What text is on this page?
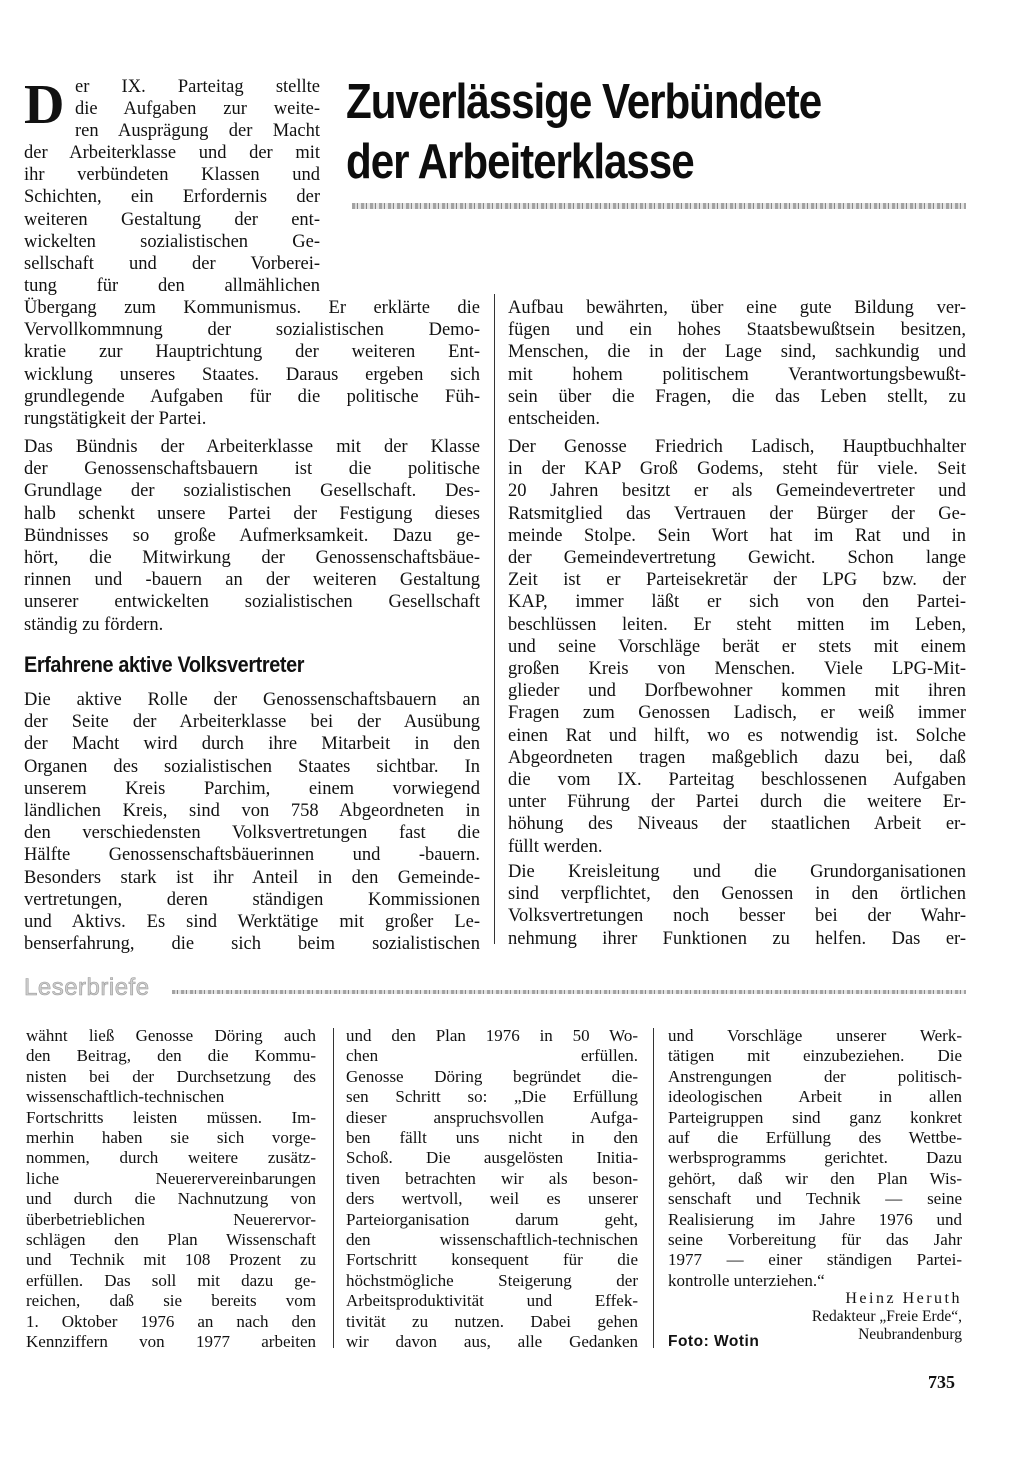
Zuverlässige Verbündete
der Arbeiterklasse
D er IX. Parteitag stellte
die Aufgaben zur weite-
ren Ausprägung der Macht

der Arbeiterklasse und der mit
ihr verbündeten Klassen und
Schichten, ein Erfordernis der
weiteren Gestaltung der ent-
wickelten sozialistischen Ge-
sellschaft und der Vorberei-
tung für den allmählichen

Übergang zum Kommunismus. Er erklärte die
Vervollkommnung der sozialistischen Demo-
kratie zur Hauptrichtung der weiteren Ent-
wicklung unseres Staates. Daraus ergeben sich
grundlegende Aufgaben für die politische Füh-
rungstätigkeit der Partei.

Das Bündnis der Arbeiterklasse mit der Klasse
der Genossenschaftsbauern ist die politische
Grundlage der sozialistischen Gesellschaft. Des-
halb schenkt unsere Partei der Festigung dieses
Bündnisses so große Aufmerksamkeit. Dazu ge-
hört, die Mitwirkung der Genossenschaftsbäue-
rinnen und -bauern an der weiteren Gestaltung
unserer entwickelten sozialistischen Gesellschaft
ständig zu fördern.

Erfahrene aktive Volksvertreter

Die aktive Rolle der Genossenschaftsbauern an
der Seite der Arbeiterklasse bei der Ausübung
der Macht wird durch ihre Mitarbeit in den
Organen des sozialistischen Staates sichtbar. In
unserem Kreis Parchim, einem vorwiegend
ländlichen Kreis, sind von 758 Abgeordneten in
den verschiedensten Volksvertretungen fast die
Hälfte Genossenschaftsbäuerinnen und -bauern.
Besonders stark ist ihr Anteil in den Gemeinde-
vertretungen, deren ständigen Kommissionen
und Aktivs. Es sind Werktätige mit großer Le-
benserfahrung, die sich beim sozialistischen

Aufbau bewährten, über eine gute Bildung ver-
fügen und ein hohes Staatsbewußtsein besitzen,
Menschen, die in der Lage sind, sachkundig und
mit hohem politischem Verantwortungsbewußt-
sein über die Fragen, die das Leben stellt, zu
entscheiden.

Der Genosse Friedrich Ladisch, Hauptbuchhalter
in der KAP Groß Godems, steht für viele. Seit
20 Jahren besitzt er als Gemeindevertreter und
Ratsmitglied das Vertrauen der Bürger der Ge-
meinde Stolpe. Sein Wort hat im Rat und in
der Gemeindevertretung Gewicht. Schon lange
Zeit ist er Parteisekretär der LPG bzw. der
KAP, immer läßt er sich von den Partei-
beschlüssen leiten. Er steht mitten im Leben,
und seine Vorschläge berät er stets mit einem
großen Kreis von Menschen. Viele LPG-Mit-
glieder und Dorfbewohner kommen mit ihren
Fragen zum Genossen Ladisch, er weiß immer
einen Rat und hilft, wo es notwendig ist. Solche
Abgeordneten tragen maßgeblich dazu bei, daß
die vom IX. Parteitag beschlossenen Aufgaben
unter Führung der Partei durch die weitere Er-
höhung des Niveaus der staatlichen Arbeit er-
füllt werden.

Die Kreisleitung und die Grundorganisationen
sind verpflichtet, den Genossen in den örtlichen
Volksvertretungen noch besser bei der Wahr-
nehmung ihrer Funktionen zu helfen. Das er-

Leserbriefe

wähnt ließ Genosse Döring auch
den Beitrag, den die Kommu-
nisten bei der Durchsetzung des
wissenschaftlich-technischen
Fortschritts leisten müssen. Im-
merhin haben sie sich vorge-
nommen, durch weitere zusätz-
liche Neuerervereinbarungen
und durch die Nachnutzung von
überbetrieblichen Neuerervor-
schlägen den Plan Wissenschaft
und Technik mit 108 Prozent zu
erfüllen. Das soll mit dazu ge-
reichen, daß sie bereits vom
1. Oktober 1976 an nach den
Kennziffern von 1977 arbeiten

und den Plan 1976 in 50 Wo-
chen erfüllen.
Genosse Döring begründet die-
sen Schritt so: „Die Erfüllung
dieser anspruchsvollen Aufga-
ben fällt uns nicht in den
Schoß. Die ausgelösten Initia-
tiven betrachten wir als beson-
ders wertvoll, weil es unserer
Parteiorganisation darum geht,
den wissenschaftlich-technischen
Fortschritt konsequent für die
höchstmögliche Steigerung der
Arbeitsproduktivität und Effek-
tivität zu nutzen. Dabei gehen
wir davon aus, alle Gedanken

und Vorschläge unserer Werk-
tätigen mit einzubeziehen. Die
Anstrengungen der politisch-
ideologischen Arbeit in allen
Parteigruppen sind ganz konkret
auf die Erfüllung des Wettbe-
werbsprogramms gerichtet. Dazu
gehört, daß wir den Plan Wis-
senschaft und Technik — seine
Realisierung im Jahre 1976 und
seine Vorbereitung für das Jahr
1977 — einer ständigen Partei-
kontrolle unterziehen.“

Heinz Heruth
Redakteur „Freie Erde“,
Neubrandenburg
Foto: Wotin
735
